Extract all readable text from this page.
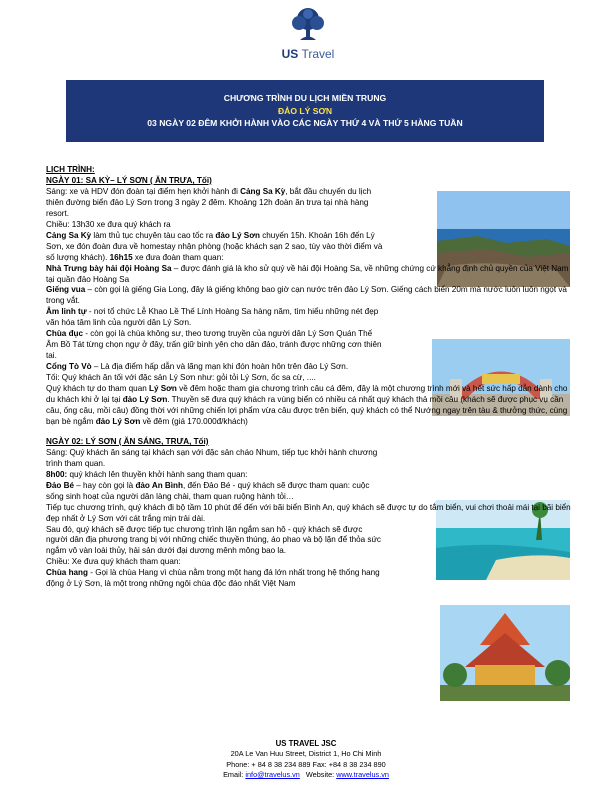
US Travel
CHƯƠNG TRÌNH DU LỊCH MIỀN TRUNG
ĐẢO LÝ SƠN
03 NGÀY 02 ĐÊM KHỞI HÀNH VÀO CÁC NGÀY THỨ 4 VÀ THỨ 5 HÀNG TUẦN

LỊCH TRÌNH:

NGÀY 01: SA KỲ– LÝ SƠN ( ĂN TRƯA, Tối)

Sáng: xe và HDV đón đoàn tại điểm hẹn khởi hành đi Cảng Sa Kỳ, bắt đầu chuyến du lịch thiên đường biển đảo Lý Sơn trong 3 ngày 2 đêm. Khoảng 12h đoàn ăn trưa tại nhà hàng resort.

Chiều: 13h30 xe đưa quý khách ra

Cảng Sa Kỳ làm thủ tục chuyên tàu cao tốc ra đảo Lý Sơn chuyến 15h. Khoản 16h đến Lý Sơn, xe đón đoàn đưa về homestay nhận phòng (hoặc khách sạn 2 sao, tùy vào thời điểm và số lượng khách). 16h15 xe đưa đoàn tham quan:

Nhà Trưng bày hải đội Hoàng Sa – được đánh giá là kho sử quý về hải đội Hoàng Sa, về những chứng cứ khẳng định chủ quyền của Việt Nam tại quần đảo Hoàng Sa

Giếng vua – còn gọi là giếng Gia Long, đây là giếng không bao giờ cạn nước trên đảo Lý Sơn. Giếng cách biển 20m mà nước luôn luôn ngọt và trong vắt.

Âm linh tự - nơi tổ chức Lễ Khao Lề Thế Lính Hoàng Sa hàng năm, tìm hiểu những nét đẹp văn hóa tâm linh của người dân Lý Sơn.

Chùa đục - còn gọi là chùa không sư, theo tương truyền của người dân Lý Sơn Quán Thế Âm Bồ Tát từng chọn ngự ở đây, trấn giữ bình yên cho dân đảo, tránh được những cơn thiên tai.

Cổng Tò Vò – Là địa điểm hấp dẫn và lãng mạn khi đón hoàn hôn trên đảo Lý Sơn.

Tối: Quý khách ăn tối với đặc sản Lý Sơn như: gỏi tỏi Lý Sơn, ốc sa cừ, ....

Quý khách tự do tham quan Lý Sơn về đêm hoặc tham gia chương trình câu cá đêm, đây là một chương trình mới và hết sức hấp dẫn dành cho du khách khi ở lại tại đảo Lý Sơn. Thuyền sẽ đưa quý khách ra vùng biển có nhiều cá nhất quý khách thả mồi câu (khách sẽ được phục vụ cần câu, ống câu, mồi câu) đồng thời với những chiến lợi phẩm vừa câu được trên biển, quý khách có thể Nướng ngay trên tàu & thưởng thức, cùng bạn bè ngắm đảo Lý Sơn về đêm (giá 170.000đ/khách)

NGÀY 02: LÝ SƠN ( ĂN SÁNG, TRƯA, Tối)

Sáng: Quý khách ăn sáng tại khách sạn với đặc sản cháo Nhum, tiếp tục khởi hành chương trình tham quan.

8h00: quý khách lên thuyền khởi hành sang tham quan:

Đảo Bé – hay còn gọi là đảo An Bình, đến Đảo Bé - quý khách sẽ được tham quan: cuộc sống sinh hoạt của người dân làng chài, tham quan ruộng hành tỏi…

Tiếp tục chương trình, quý khách đi bộ tầm 10 phút để đến với bãi biển Bình An, quý khách sẽ được tự do tắm biển, vui chơi thoải mái tại bãi biển đẹp nhất ở Lý Sơn với cát trắng mịn trải dài.

Sau đó, quý khách sẽ được tiếp tục chương trình lặn ngắm san hô - quý khách sẽ được người dân địa phương trang bị với những chiếc thuyền thúng, áo phao và bộ lặn để thỏa sức ngắm vô vàn loài thủy, hải sản dưới đại dương mênh mông bao la.

Chiều: Xe đưa quý khách tham quan:

Chùa hang - Gọi là chùa Hang vì chùa nằm trong một hang đá lớn nhất trong hệ thống hang động ở Lý Sơn, là một trong những ngôi chùa độc đáo nhất Việt Nam

US TRAVEL JSC
20A Le Van Huu Street, District 1, Ho Chi Minh
Phone: + 84 8 38 234 889 Fax: +84 8 38 234 890
Email: info@travelus.vn   Website: www.travelus.vn
